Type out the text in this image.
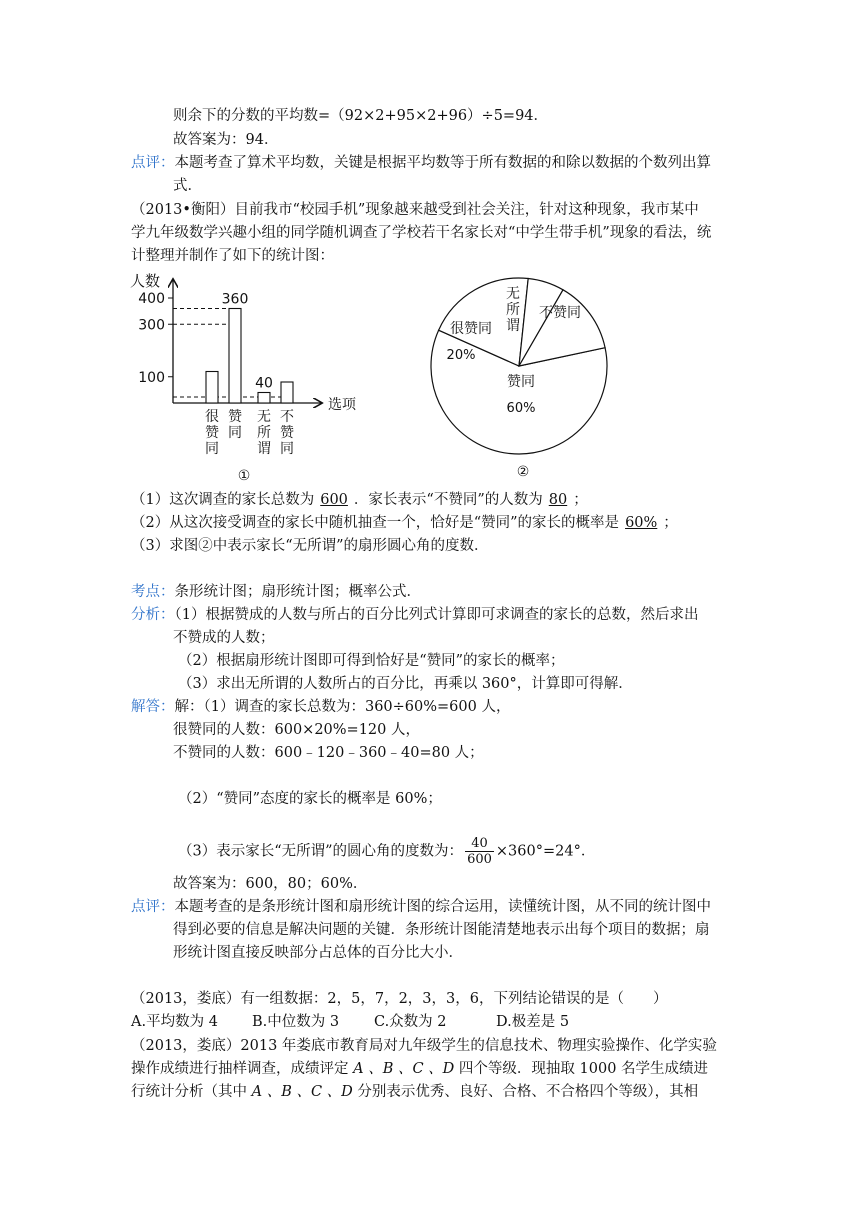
则余下的分数的平均数=（92×2+95×2+96）÷5=94．
故答案为：94．
点评：本题考查了算术平均数，关键是根据平均数等于所有数据的和除以数据的个数列出算
式．
（2013•衡阳）目前我市“校园手机”现象越来越受到社会关注，针对这种现象，我市某中
学九年级数学兴趣小组的同学随机调查了学校若干名家长对“中学生带手机”现象的看法，统
计整理并制作了如下的统计图：
人数
选项
100
300
400	360
40
很赞同
赞同
无所谓
不赞同
①
赞同
60%
很赞同
20%
无
所
谓
不赞同
②
（1）这次调查的家长总数为 600 ．家长表示“不赞同”的人数为 80 ；
（2）从这次接受调查的家长中随机抽查一个，恰好是“赞同”的家长的概率是 60% ；
（3）求图②中表示家长“无所谓”的扇形圆心角的度数．
考点：条形统计图；扇形统计图；概率公式．
分析：（1）根据赞成的人数与所占的百分比列式计算即可求调查的家长的总数，然后求出
不赞成的人数；
（2）根据扇形统计图即可得到恰好是“赞同”的家长的概率；
（3）求出无所谓的人数所占的百分比，再乘以 360°，计算即可得解．
解答：解：（1）调查的家长总数为：360÷60%=600 人，
很赞同的人数：600×20%=120 人，
不赞同的人数：600﹣120﹣360﹣40=80 人；
（2）“赞同”态度的家长的概率是 60%；
（3）表示家长“无所谓”的圆心角的度数为： $\frac{40}{600} \times 360^\circ=24^\circ$．
故答案为：600，80；60%．
点评：本题考查的是条形统计图和扇形统计图的综合运用，读懂统计图，从不同的统计图中
得到必要的信息是解决问题的关键．条形统计图能清楚地表示出每个项目的数据；扇
形统计图直接反映部分占总体的百分比大小．
（2013，娄底）有一组数据：2，5，7，2，3，3，6，下列结论错误的是（　　）
A.平均数为 4 B.中位数为 3 C.众数为 2	D.极差是 5
（2013，娄底）2013 年娄底市教育局对九年级学生的信息技术、物理实验操作、化学实验
操作成绩进行抽样调查，成绩评定 A 、B 、C 、D 四个等级．现抽取 1000 名学生成绩进
行统计分析（其中 A 、B 、C 、D 分别表示优秀、良好、合格、不合格四个等级），其相
